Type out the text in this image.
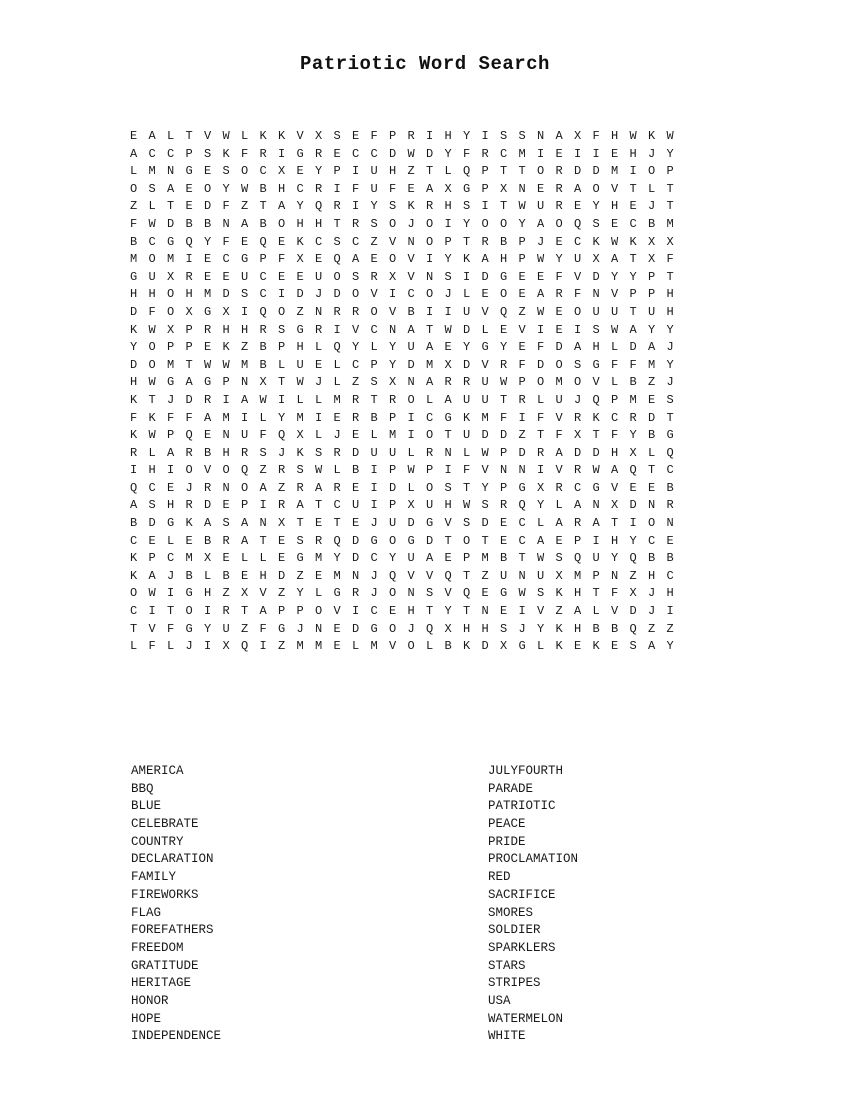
Patriotic Word Search
E A L T V W L K K V X S E F P R I H Y I S S N A X F H W K W
A C C P S K F R I G R E C C D W D Y F R C M I E I I E H J Y
L M N G E S O C X E Y P I U H Z T L Q P T T O R D D M I O P
O S A E O Y W B H C R I F U F E A X G P X N E R A O V T L T
Z L T E D F Z T A Y Q R I Y S K R H S I T W U R E Y H E J T
F W D B B N A B O H H T R S O J O I Y O O Y A O Q S E C B M
B C G Q Y F E Q E K C S C Z V N O P T R B P J E C K W K X X
M O M I E C G P F X E Q A E O V I Y K A H P W Y U X A T X F
G U X R E E U C E E U O S R X V N S I D G E E F V D Y Y P T
H H O H M D S C I D J D O V I C O J L E O E A R F N V P P H
D F O X G X I Q O Z N R R O V B I I U V Q Z W E O U U T U H
K W X P R H H R S G R I V C N A T W D L E V I E I S W A Y Y
Y O P P E K Z B P H L Q Y L Y U A E Y G Y E F D A H L D A J
D O M T W W M B L U E L C P Y D M X D V R F D O S G F F M Y
H W G A G P N X T W J L Z S X N A R R U W P O M O V L B Z J
K T J D R I A W I L L M R T R O L A U U T R L U J Q P M E S
F K F F A M I L Y M I E R B P I C G K M F I F V R K C R D T
K W P Q E N U F Q X L J E L M I O T U D D Z T F X T F Y B G
R L A R B H R S J K S R D U U L R N L W P D R A D D H X L Q
I H I O V O Q Z R S W L B I P W P I F V N N I V R W A Q T C
Q C E J R N O A Z R A R E I D L O S T Y P G X R C G V E E B
A S H R D E P I R A T C U I P X U H W S R Q Y L A N X D N R
B D G K A S A N X T E T E J U D G V S D E C L A R A T I O N
C E L E B R A T E S R Q D G O G D T O T E C A E P I H Y C E
K P C M X E L L E G M Y D C Y U A E P M B T W S Q U Y Q B B
K A J B L B E H D Z E M N J Q V V Q T Z U N U X M P N Z H C
O W I G H Z X V Z Y L G R J O N S V Q E G W S K H T F X J H
C I T O I R T A P P O V I C E H T Y T N E I V Z A L V D J I
T V F G Y U Z F G J N E D G O J Q X H H S J Y K H B B Q Z Z
L F L J I X Q I Z M M E L M V O L B K D X G L K E K E S A Y
AMERICA
BBQ
BLUE
CELEBRATE
COUNTRY
DECLARATION
FAMILY
FIREWORKS
FLAG
FOREFATHERS
FREEDOM
GRATITUDE
HERITAGE
HONOR
HOPE
INDEPENDENCE
JULYFOURTH
PARADE
PATRIOTIC
PEACE
PRIDE
PROCLAMATION
RED
SACRIFICE
SMORES
SOLDIER
SPARKLERS
STARS
STRIPES
USA
WATERMELON
WHITE
